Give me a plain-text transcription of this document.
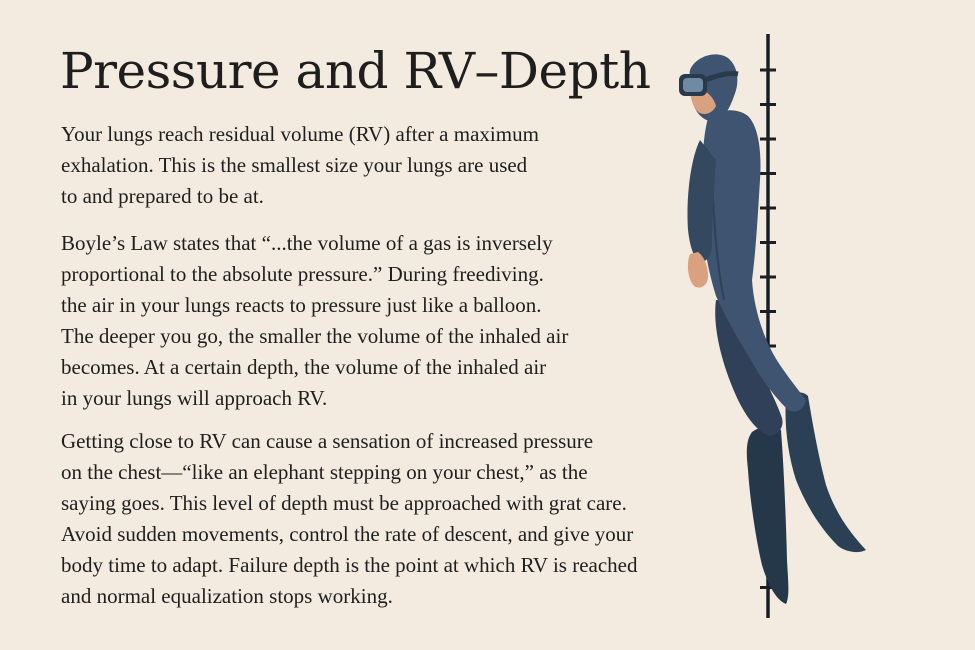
Pressure and RV–Depth

Your lungs reach residual volume (RV) after a maximum
exhalation. This is the smallest size your lungs are used
to and prepared to be at.

Boyle’s Law states that “...the volume of a gas is inversely
proportional to the absolute pressure.” During freediving.
the air in your lungs reacts to pressure just like a balloon.
The deeper you go, the smaller the volume of the inhaled air
becomes. At a certain depth, the volume of the inhaled air
in your lungs will approach RV.

Getting close to RV can cause a sensation of increased pressure
on the chest—“like an elephant stepping on your chest,” as the
saying goes. This level of depth must be approached with grat care.
Avoid sudden movements, control the rate of descent, and give your
body time to adapt. Failure depth is the point at which RV is reached
and normal equalization stops working.
